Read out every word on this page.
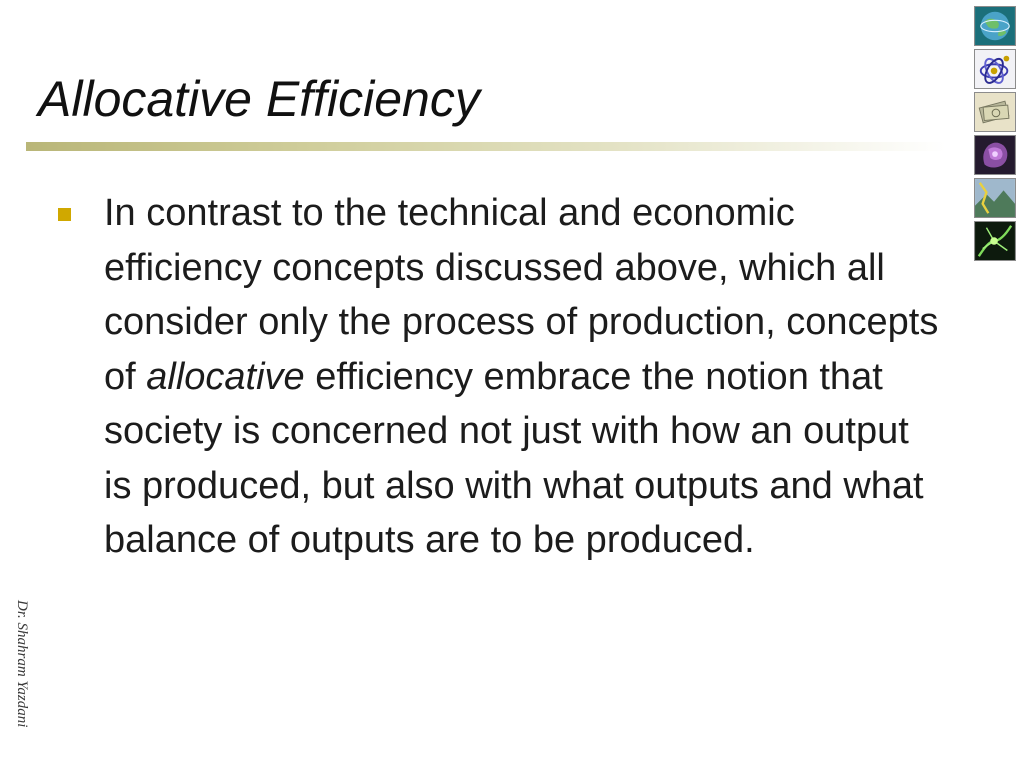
Allocative Efficiency
In contrast to the technical and economic efficiency concepts discussed above, which all consider only the process of production, concepts of allocative efficiency embrace the notion that society is concerned not just with how an output is produced, but also with what outputs and what balance of outputs are to be produced.
Dr. Shahram Yazdani
